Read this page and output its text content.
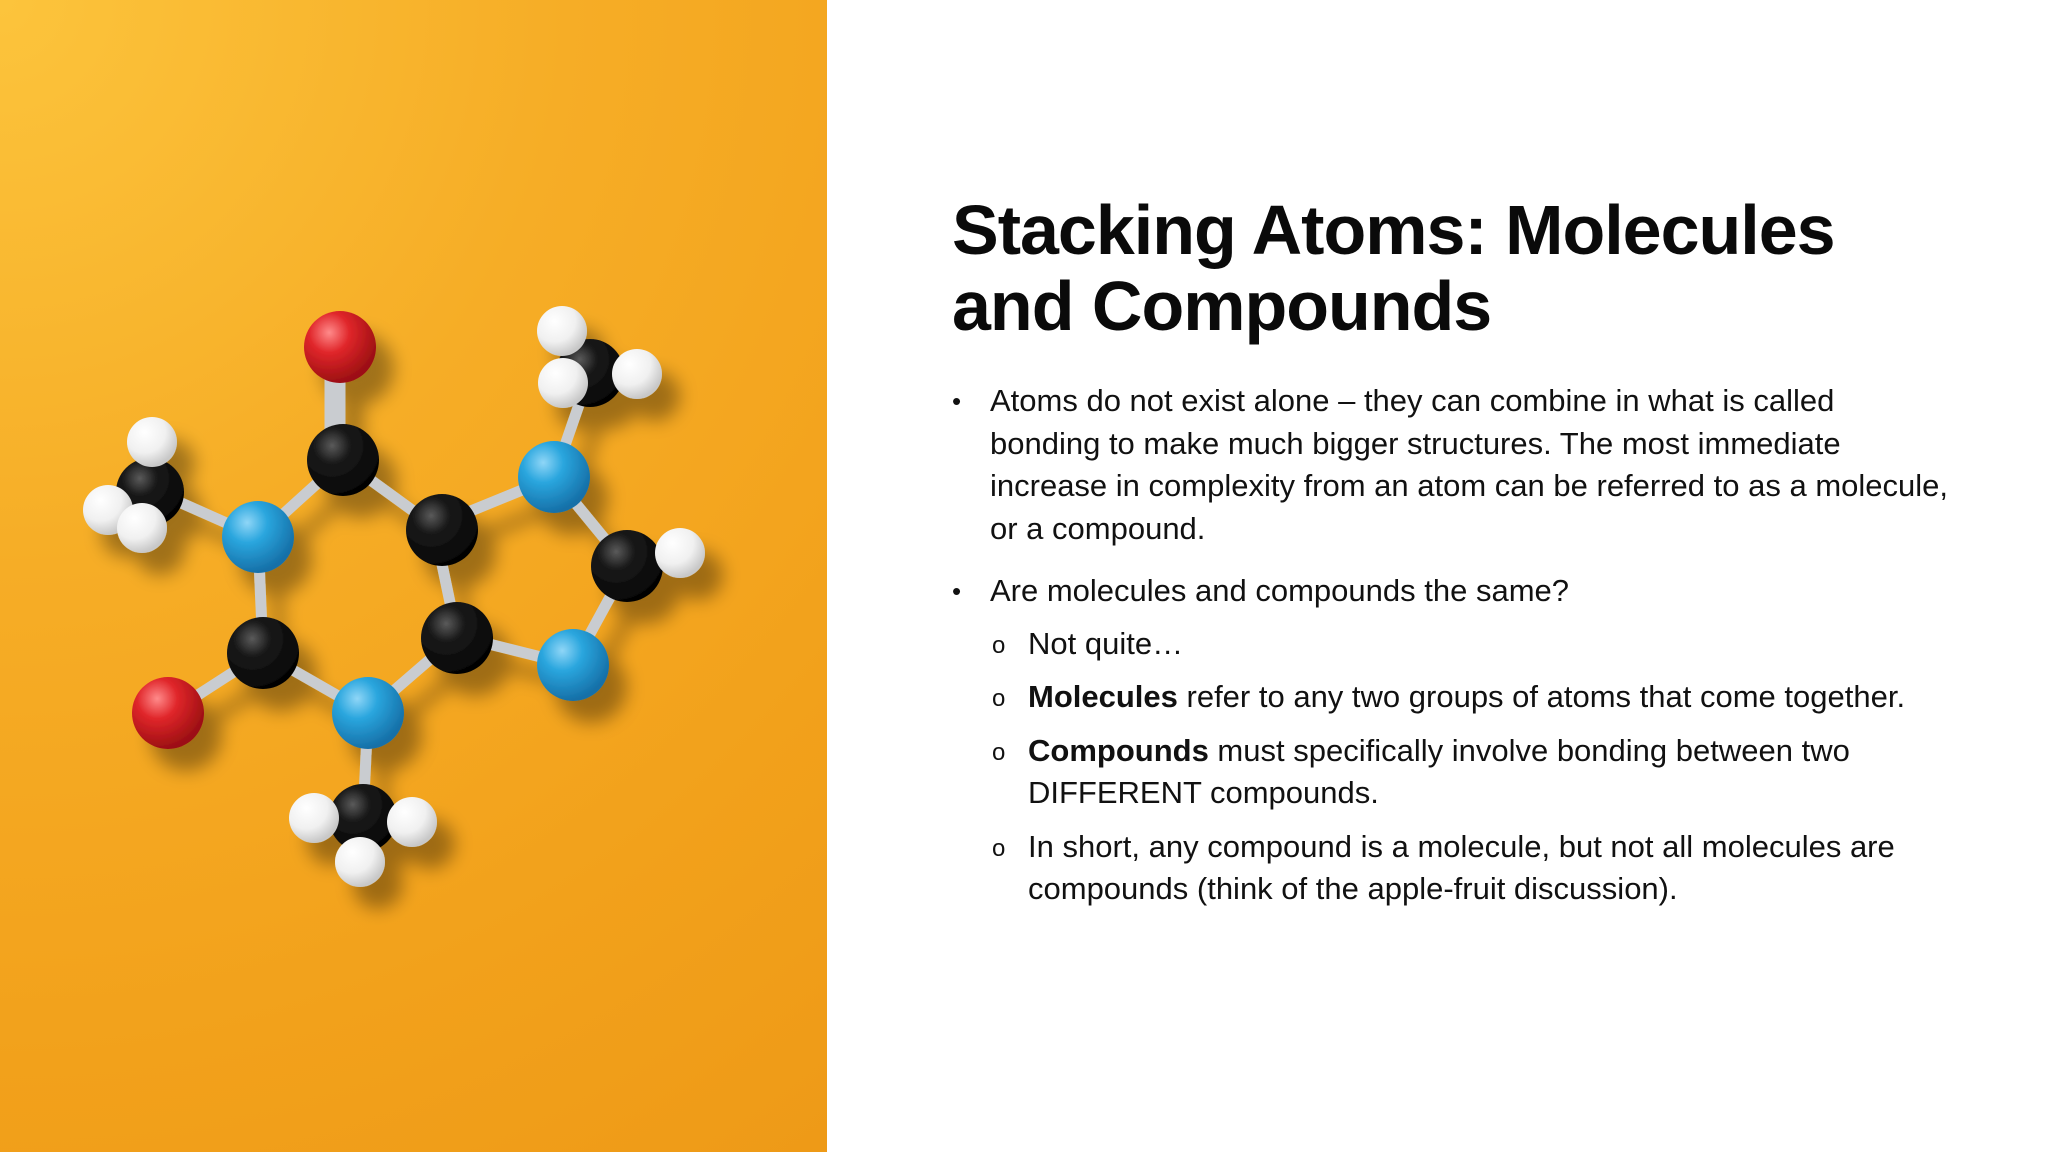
Stacking Atoms: Molecules
and Compounds
• Atoms do not exist alone – they can combine in what is called bonding to make much bigger structures. The most immediate increase in complexity from an atom can be referred to as a molecule, or a compound.
• Are molecules and compounds the same?
o Not quite…
o Molecules refer to any two groups of atoms that come together.
o Compounds must specifically involve bonding between two DIFFERENT compounds.
o In short, any compound is a molecule, but not all molecules are compounds (think of the apple-fruit discussion).
